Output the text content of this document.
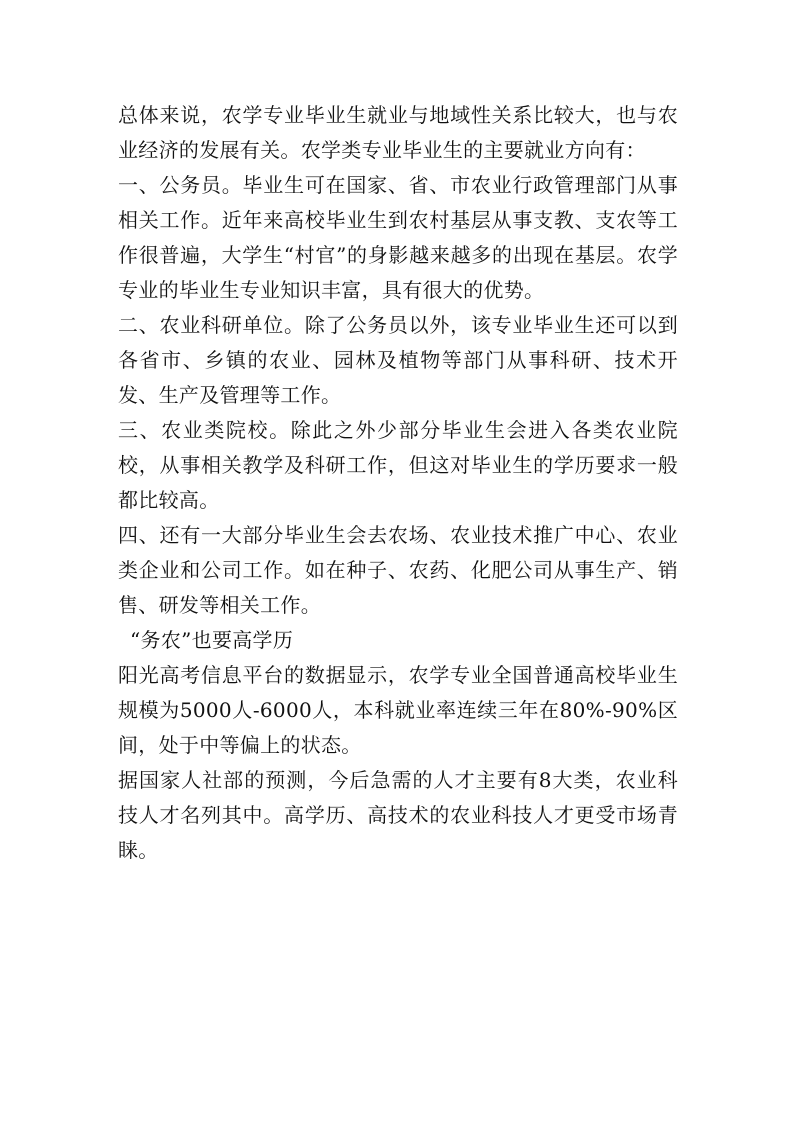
总体来说，农学专业毕业生就业与地域性关系比较大，也与农业经济的发展有关。农学类专业毕业生的主要就业方向有：

一、公务员。毕业生可在国家、省、市农业行政管理部门从事相关工作。近年来高校毕业生到农村基层从事支教、支农等工作很普遍，大学生“村官”的身影越来越多的出现在基层。农学专业的毕业生专业知识丰富，具有很大的优势。

二、农业科研单位。除了公务员以外，该专业毕业生还可以到各省市、乡镇的农业、园林及植物等部门从事科研、技术开发、生产及管理等工作。

三、农业类院校。除此之外少部分毕业生会进入各类农业院校，从事相关教学及科研工作，但这对毕业生的学历要求一般都比较高。

四、还有一大部分毕业生会去农场、农业技术推广中心、农业类企业和公司工作。如在种子、农药、化肥公司从事生产、销售、研发等相关工作。

“务农”也要高学历

阳光高考信息平台的数据显示，农学专业全国普通高校毕业生规模为5000人-6000人，本科就业率连续三年在80%-90%区间，处于中等偏上的状态。

据国家人社部的预测，今后急需的人才主要有8大类，农业科技人才名列其中。高学历、高技术的农业科技人才更受市场青睐。
